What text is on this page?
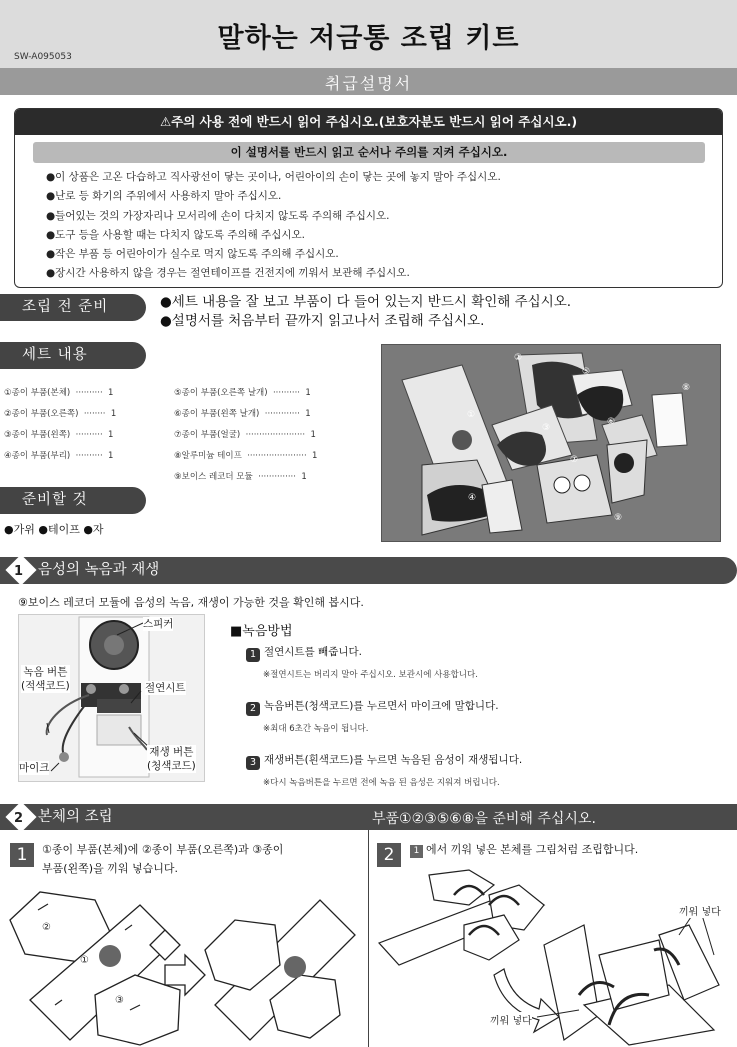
말하는 저금통 조립 키트
SW-A095053
취급설명서
⚠주의 사용 전에 반드시 읽어 주십시오.(보호자분도 반드시 읽어 주십시오.)
이 설명서를 반드시 읽고 순서나 주의를 지켜 주십시오.
●이 상품은 고온 다습하고 직사광선이 닿는 곳이나, 어린아이의 손이 닿는 곳에 놓지 말아 주십시오.
●난로 등 화기의 주위에서 사용하지 말아 주십시오.
●들어있는 것의 가장자리나 모서리에 손이 다치지 않도록 주의해 주십시오.
●도구 등을 사용할 때는 다치지 않도록 주의해 주십시오.
●작은 부품 등 어린아이가 실수로 먹지 않도록 주의해 주십시오.
●장시간 사용하지 않을 경우는 절연테이프를 건전지에 끼워서 보관해 주십시오.
조립 전 준비	●세트 내용을 잘 보고 부품이 다 들어 있는지 반드시 확인해 주십시오.
●설명서를 처음부터 끝까지 읽고나서 조립해 주십시오.
세트 내용
①종이 부품(본체)  ··········  1
②종이 부품(오른쪽)  ········  1
③종이 부품(왼쪽)  ··········  1
④종이 부품(부리)  ··········  1
⑤종이 부품(오른쪽 날개)  ··········  1
⑥종이 부품(왼쪽 날개)  ·············  1
⑦종이 부품(얼굴)  ······················  1
⑧알루미늄 테이프  ······················  1
⑨보이스 레코더 모듈  ··············  1
②
⑤
⑧
①
③
⑥
④
⑦
⑨
준비할 것
●가위 ●테이프 ●자
1 음성의 녹음과 재생
⑨보이스 레코더 모듈에 음성의 녹음, 재생이 가능한 것을 확인해 봅시다.
스피커
녹음 버튼
(적색코드)	절연시트
재생 버튼
(청색코드)
마이크
■녹음방법
1 절연시트를 빼줍니다.
※절연시트는 버리지 말아 주십시오. 보관시에 사용합니다.
2 녹음버튼(청색코드)를 누르면서 마이크에 말합니다.
※최대 6초간 녹음이 됩니다.
3 재생버튼(흰색코드)를 누르면 녹음된 음성이 재생됩니다.
※다시 녹음버튼을 누르면 전에 녹음 된 음성은 지워져 버립니다.
2 본체의 조립	부품①②③⑤⑥⑧을 준비해 주십시오.
1	①종이 부품(본체)에 ②종이 부품(오른쪽)과 ③종이
부품(왼쪽)을 끼워 넣습니다.
2	1 에서 끼워 넣은 본체를 그림처럼 조립합니다.
②
①
③
끼워 넣다
끼워 넣다
